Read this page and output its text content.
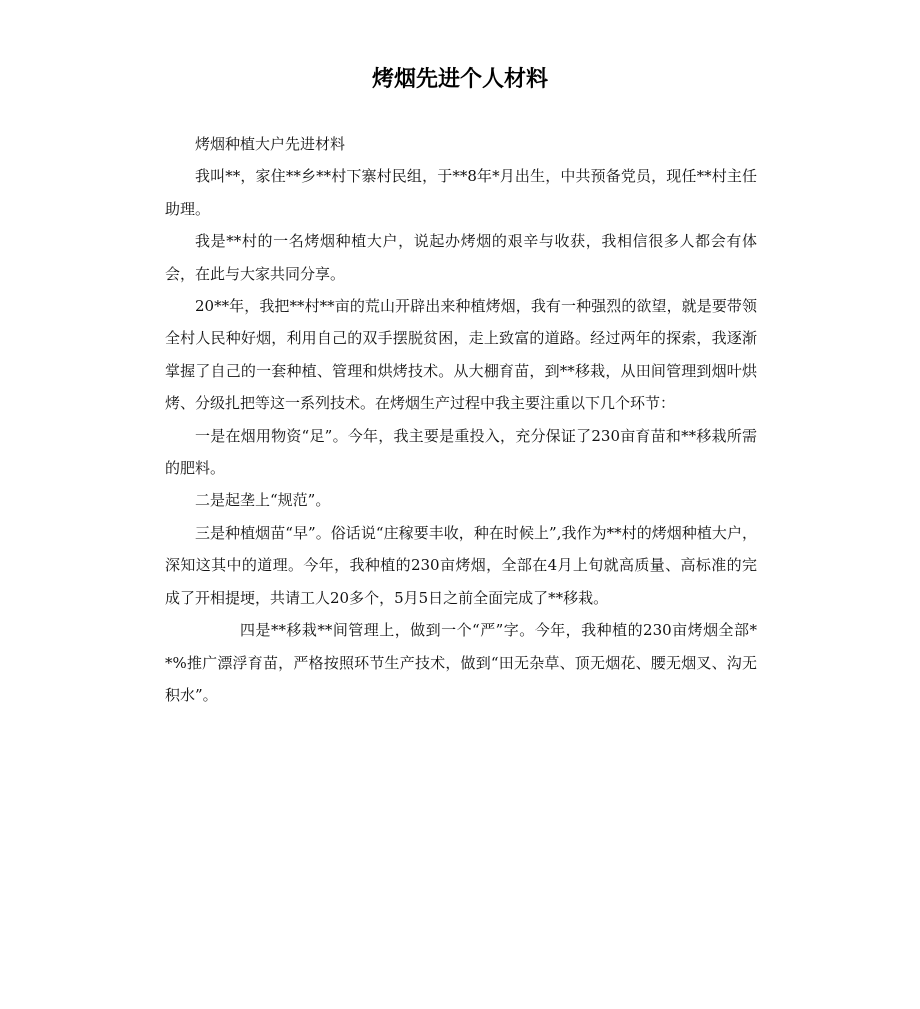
烤烟先进个人材料

烤烟种植大户先进材料

我叫**，家住**乡**村下寨村民组，于**8年*月出生，中共预备党员，现任**村主任助理。

我是**村的一名烤烟种植大户，说起办烤烟的艰辛与收获，我相信很多人都会有体会，在此与大家共同分享。

20**年，我把**村**亩的荒山开辟出来种植烤烟，我有一种强烈的欲望，就是要带领全村人民种好烟，利用自己的双手摆脱贫困，走上致富的道路。经过两年的探索，我逐渐掌握了自己的一套种植、管理和烘烤技术。从大棚育苗，到**移栽，从田间管理到烟叶烘烤、分级扎把等这一系列技术。在烤烟生产过程中我主要注重以下几个环节：

一是在烟用物资“足”。今年，我主要是重投入，充分保证了230亩育苗和**移栽所需的肥料。

二是起垄上“规范”。

三是种植烟苗“早”。俗话说“庄稼要丰收，种在时候上”,我作为**村的烤烟种植大户，深知这其中的道理。今年，我种植的230亩烤烟，全部在4月上旬就高质量、高标准的完成了开相提埂，共请工人20多个，5月5日之前全面完成了**移栽。

四是**移栽**间管理上，做到一个“严”字。今年，我种植的230亩烤烟全部**%推广漂浮育苗，严格按照环节生产技术，做到“田无杂草、顶无烟花、腰无烟叉、沟无积水”。
